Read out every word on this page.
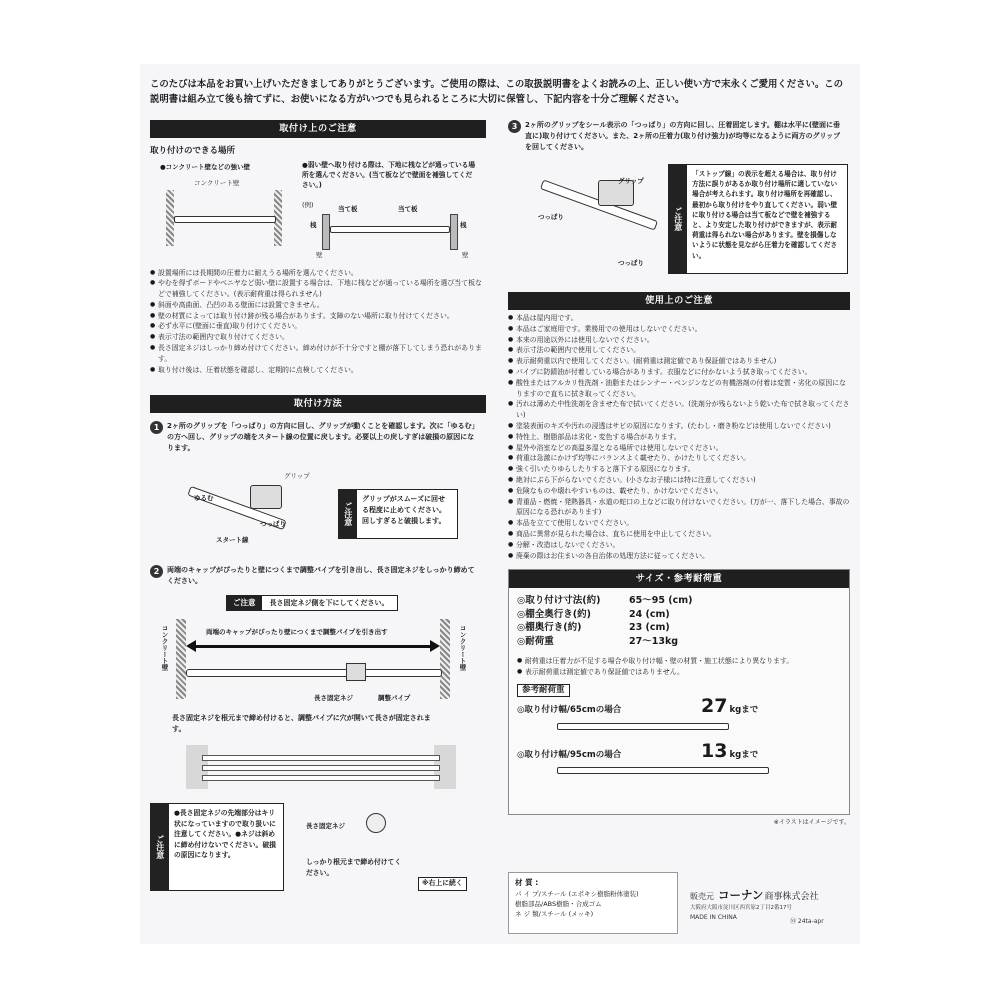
このたびは本品をお買い上げいただきましてありがとうございます。ご使用の際は、この取扱説明書をよくお読みの上、正しい使い方で末永くご愛用ください。この説明書は組み立て後も捨てずに、お使いになる方がいつでも見られるところに大切に保管し、下記内容を十分ご理解ください。
取付け上のご注意
取り付けのできる場所
●コンクリート壁などの強い壁
コンクリート壁
●弱い壁へ取り付ける際は、下地に桟などが通っている場所を選んでください。(当て板などで壁面を補強してください。)
(例)	当て板	当て板
桟	桟
壁	壁
● 設置場所には長期間の圧着力に耐えうる場所を選んでください。
● やむを得ずボードやベニヤなど弱い壁に設置する場合は、下地に桟などが通っている場所を選び当て板などで補強してください。(表示耐荷重は得られません)
● 斜面や高曲面、凸凹のある壁面には設置できません。
● 壁の材質によっては取り付け跡が残る場合があります。支障のない場所に取り付けてください。
● 必ず水平に(壁面に垂直)取り付けてください。
● 表示寸法の範囲内で取り付けてください。
● 長さ固定ネジはしっかり締め付けてください。締め付けが不十分ですと棚が落下してしまう恐れがあります。
● 取り付け後は、圧着状態を確認し、定期的に点検してください。
取付け方法
1	2ヶ所のグリップを「つっぱり」の方向に回し、グリップが動くことを確認します。次に「ゆるむ」の方へ回し、グリップの端をスタート線の位置に戻します。必要以上の戻しすぎは破損の原因になります。
グリップ
ゆるむ
つっぱり
スタート線
ご注意
グリップがスムーズに回せる程度に止めてください。回しすぎると破損します。
2	両端のキャップがぴったりと壁につくまで調整パイプを引き出し、長さ固定ネジをしっかり締めてください。
ご注意	長さ固定ネジ側を下にしてください。
コンクリート壁	コンクリート壁
両端のキャップがぴったり壁につくまで調整パイプを引き出す
長さ固定ネジ	調整パイプ
長さ固定ネジを根元まで締め付けると、調整パイプに穴が開いて長さが固定されます。
ご注意
●長さ固定ネジの先端部分はキリ状になっていますので取り扱いに注意してください。●ネジは斜めに締め付けないでください。破損の原因になります。
長さ固定ネジ
しっかり根元まで締め付けてください。
※右上に続く
3	2ヶ所のグリップをシール表示の「つっぱり」の方向に回し、圧着固定します。棚は水平に(壁面に垂直に)取り付けてください。また、2ヶ所の圧着力(取り付け強力)が均等になるように両方のグリップを回してください。
グリップ
つっぱり
つっぱり
ご注意
「ストップ線」の表示を超える場合は、取り付け方法に誤りがあるか取り付け場所に適していない場合が考えられます。取り付け場所を再確認し、最初から取り付けをやり直してください。弱い壁に取り付ける場合は当て板などで壁を補強すると、より安定した取り付けができますが、表示耐荷重は得られない場合があります。壁を損傷しないように状態を見ながら圧着力を確認してください。
使用上のご注意
● 本品は屋内用です。
● 本品はご家庭用です。業務用での使用はしないでください。
● 本来の用途以外には使用しないでください。
● 表示寸法の範囲内で使用してください。
● 表示耐荷重以内で使用してください。(耐荷重は測定値であり保証値ではありません)
● パイプに防錆油が付着している場合があります。衣服などに付かないよう拭き取ってください。
● 酸性またはアルカリ性洗剤・油脂またはシンナー・ベンジンなどの有機溶剤の付着は変質・劣化の原因になりますので直ちに拭き取ってください。
● 汚れは薄めた中性洗剤を含ませた布で拭いてください。(洗剤分が残らないよう乾いた布で拭き取ってください)
● 塗装表面のキズや汚れの浸透はサビの原因になります。(たわし・磨き粉などは使用しないでください)
● 特性上、樹脂部品は劣化・変色する場合があります。
● 屋外や浴室などの高温多湿となる場所では使用しないでください。
● 荷重は急激にかけず均等にバランスよく載せたり、かけたりしてください。
● 強く引いたりゆらしたりすると落下する原因になります。
● 絶対にぶら下がらないでください。(小さなお子様には特に注意してください)
● 危険なものや壊れやすいものは、載せたり、かけないでください。
● 青重品・燃焼・発熱器具・水道の蛇口の上などに取り付けないでください。(万が一、落下した場合、事故の原因になる恐れがあります)
● 本品を立てて使用しないでください。
● 商品に異常が見られた場合は、直ちに使用を中止してください。
● 分解・改造はしないでください。
● 廃棄の際はお住まいの各自治体の処理方法に従ってください。
サイズ・参考耐荷重
◎取り付け寸法(約)	65〜95 (cm)
◎棚全奥行き(約)	24 (cm)
◎棚奥行き(約)	23 (cm)
◎耐荷重	27〜13kg
● 耐荷重は圧着力が不足する場合や取り付け幅・壁の材質・施工状態により異なります。
● 表示耐荷重は測定値であり保証値ではありません。
参考耐荷重
◎取り付け幅/65cmの場合	27 kgまで
◎取り付け幅/95cmの場合	13 kgまで
※イラストはイメージです。
材 質 :
パ イ プ/スチール (エポキシ樹脂粉体塗装)
樹脂部品/ABS樹脂・合成ゴム
ネ ジ 類/スチール (メッキ)
販売元 コーナン 商事株式会社
大阪府大阪市淀川区西宮原2丁目2番17号
MADE IN CHINA
Ⓜ 24ta-apr
